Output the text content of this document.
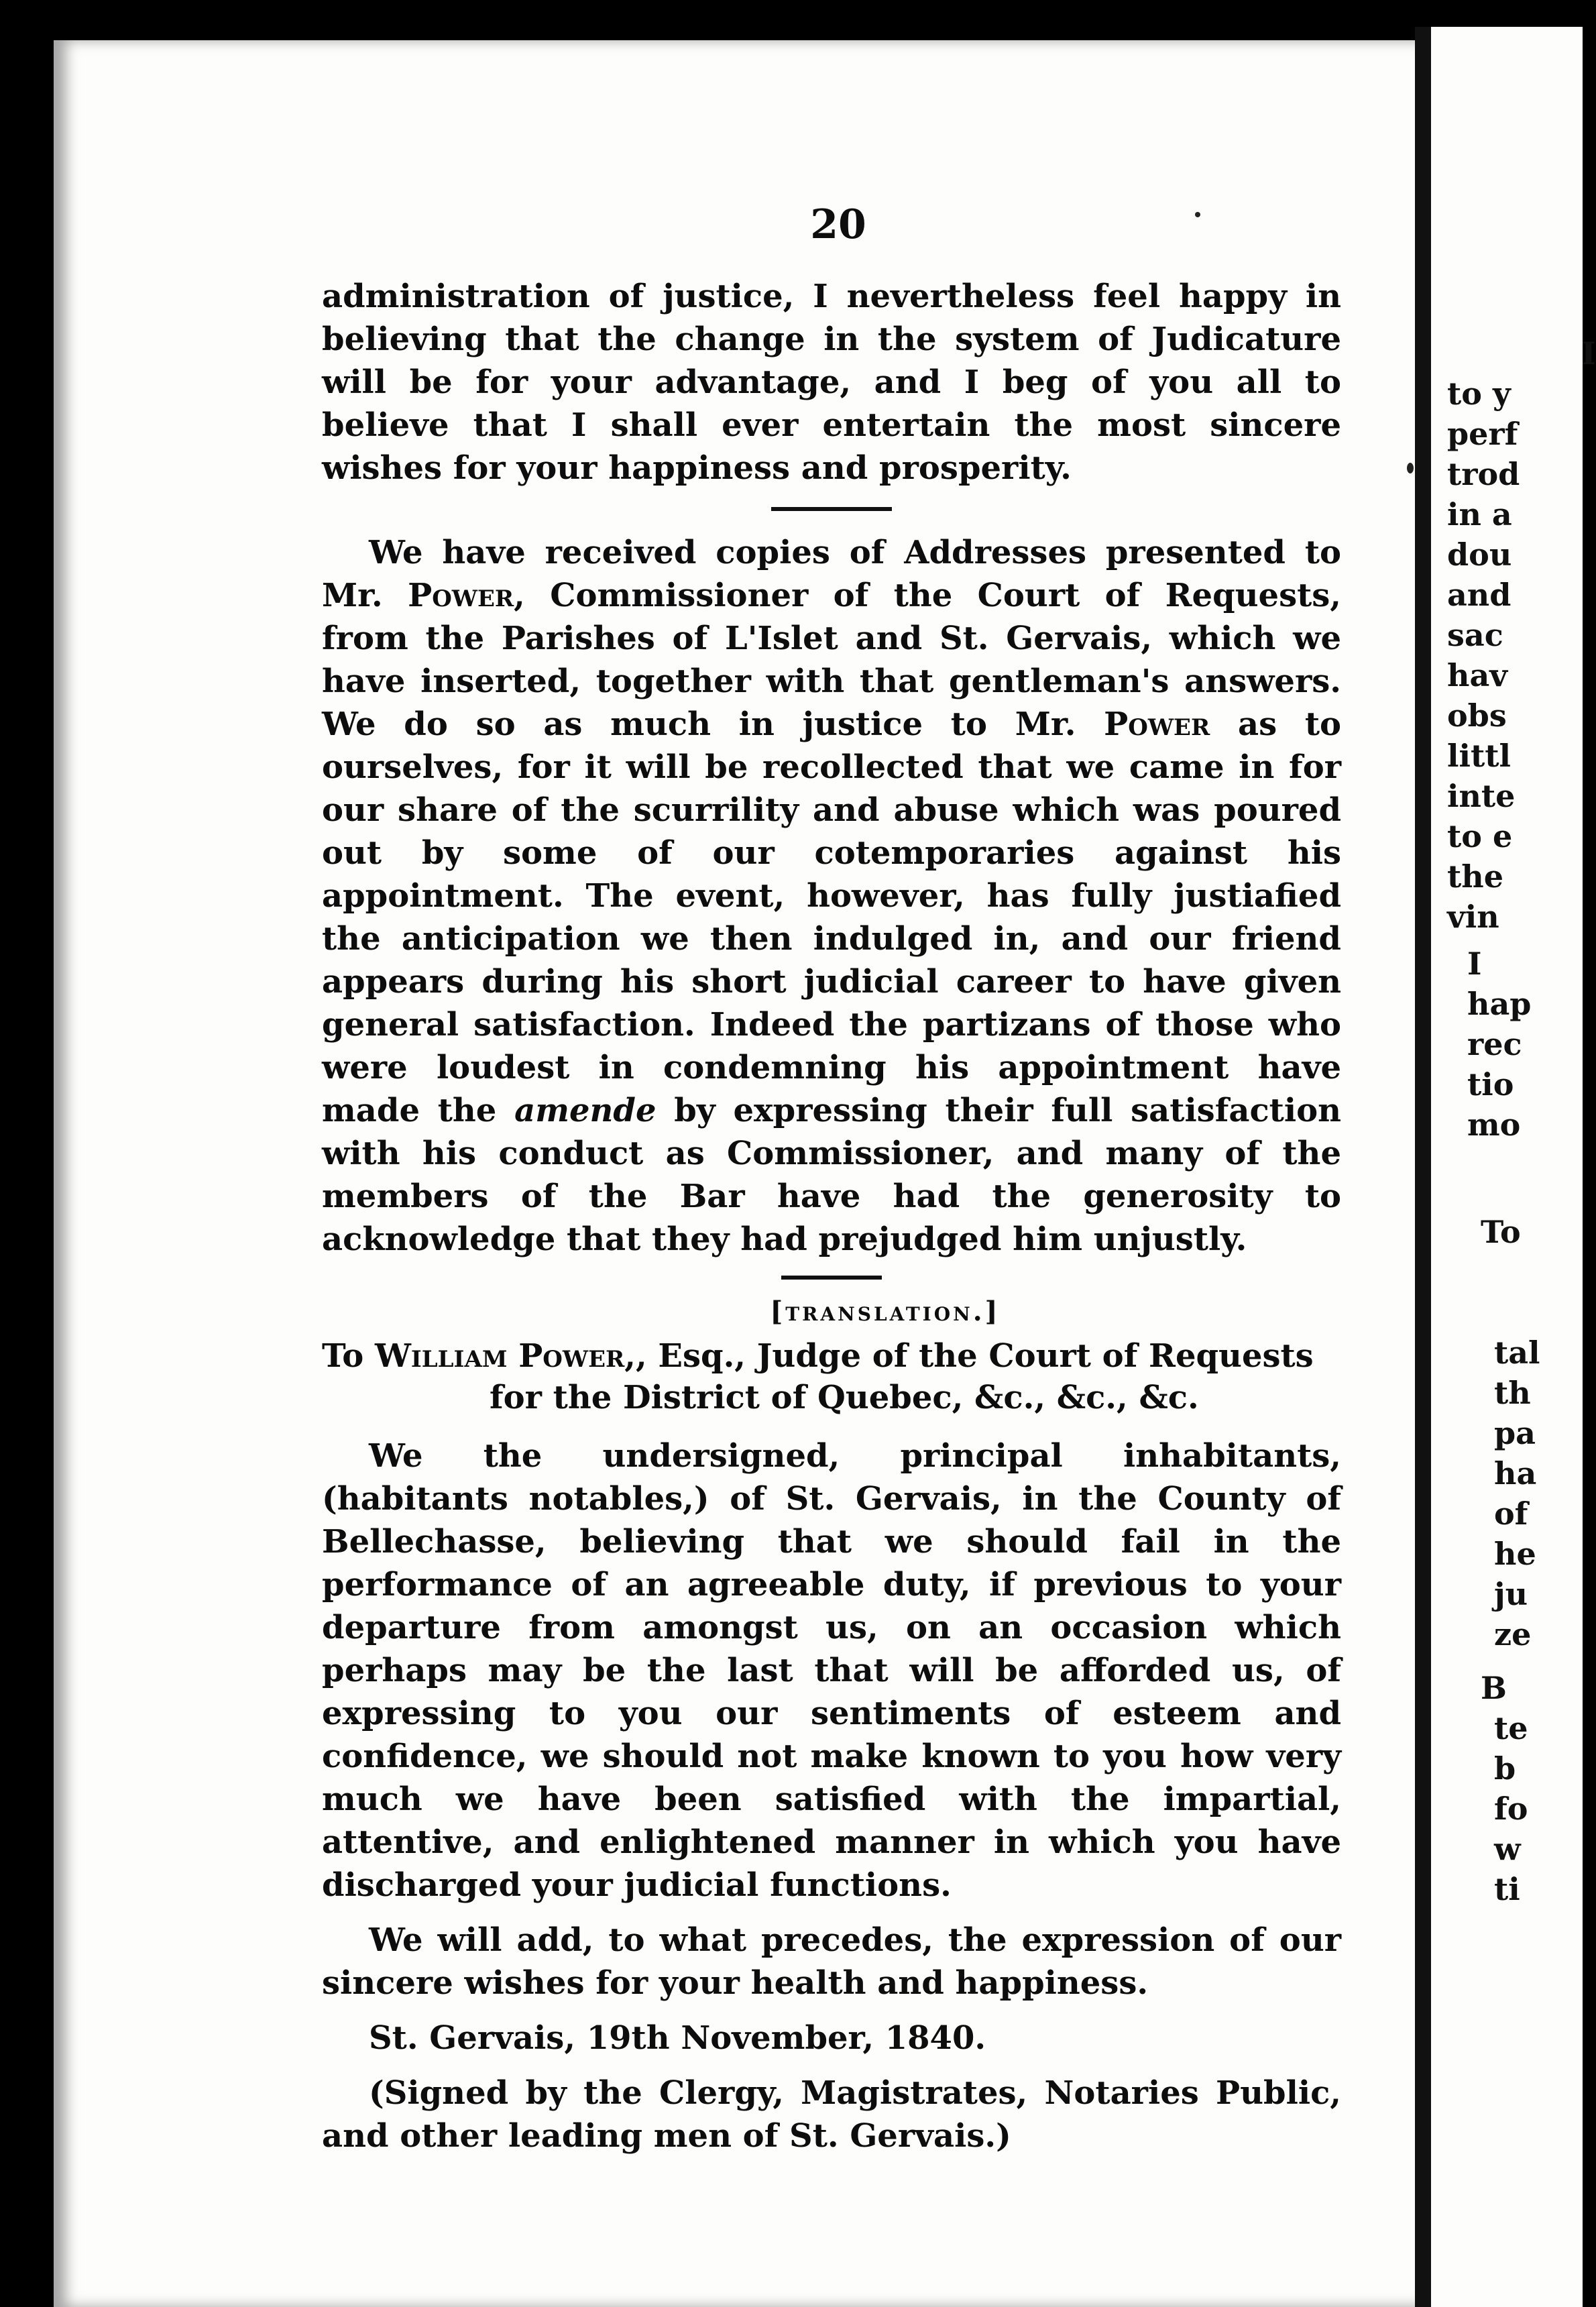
I
to y
perf
trod
in a
dou
and
sac
hav
obs
littl
inte
to e
the
vin
I
hap
rec
tio
mo
To
tal
th
pa
ha
of
he
ju
ze
B
te
b
fo
w
ti
20

administration of justice, I nevertheless feel happy in believing that the change in the system of Judicature will be for your advantage, and I beg of you all to believe that I shall ever entertain the most sincere wishes for your happiness and prosperity.

We have received copies of Addresses presented to Mr. Power, Commissioner of the Court of Requests, from the Parishes of L'Islet and St. Gervais, which we have inserted, together with that gentleman's answers. We do so as much in justice to Mr. Power as to ourselves, for it will be recollected that we came in for our share of the scurrility and abuse which was poured out by some of our cotemporaries against his appointment. The event, however, has fully justiafied the anticipation we then indulged in, and our friend appears during his short judicial career to have given general satisfaction. Indeed the partizans of those who were loudest in condemning his appointment have made the amende by expressing their full satisfaction with his conduct as Commissioner, and many of the members of the Bar have had the generosity to acknowledge that they had prejudged him unjustly.

[translation.]
To William Power,, Esq., Judge of the Court of Requests for the District of Quebec, &c., &c., &c.

We the undersigned, principal inhabitants, (habitants notables,) of St. Gervais, in the County of Bellechasse, believing that we should fail in the performance of an agreeable duty, if previous to your departure from amongst us, on an occasion which perhaps may be the last that will be afforded us, of expressing to you our sentiments of esteem and confidence, we should not make known to you how very much we have been satisfied with the impartial, attentive, and enlightened manner in which you have discharged your judicial functions.

We will add, to what precedes, the expression of our sincere wishes for your health and happiness.

St. Gervais, 19th November, 1840.

(Signed by the Clergy, Magistrates, Notaries Public, and other leading men of St. Gervais.)
